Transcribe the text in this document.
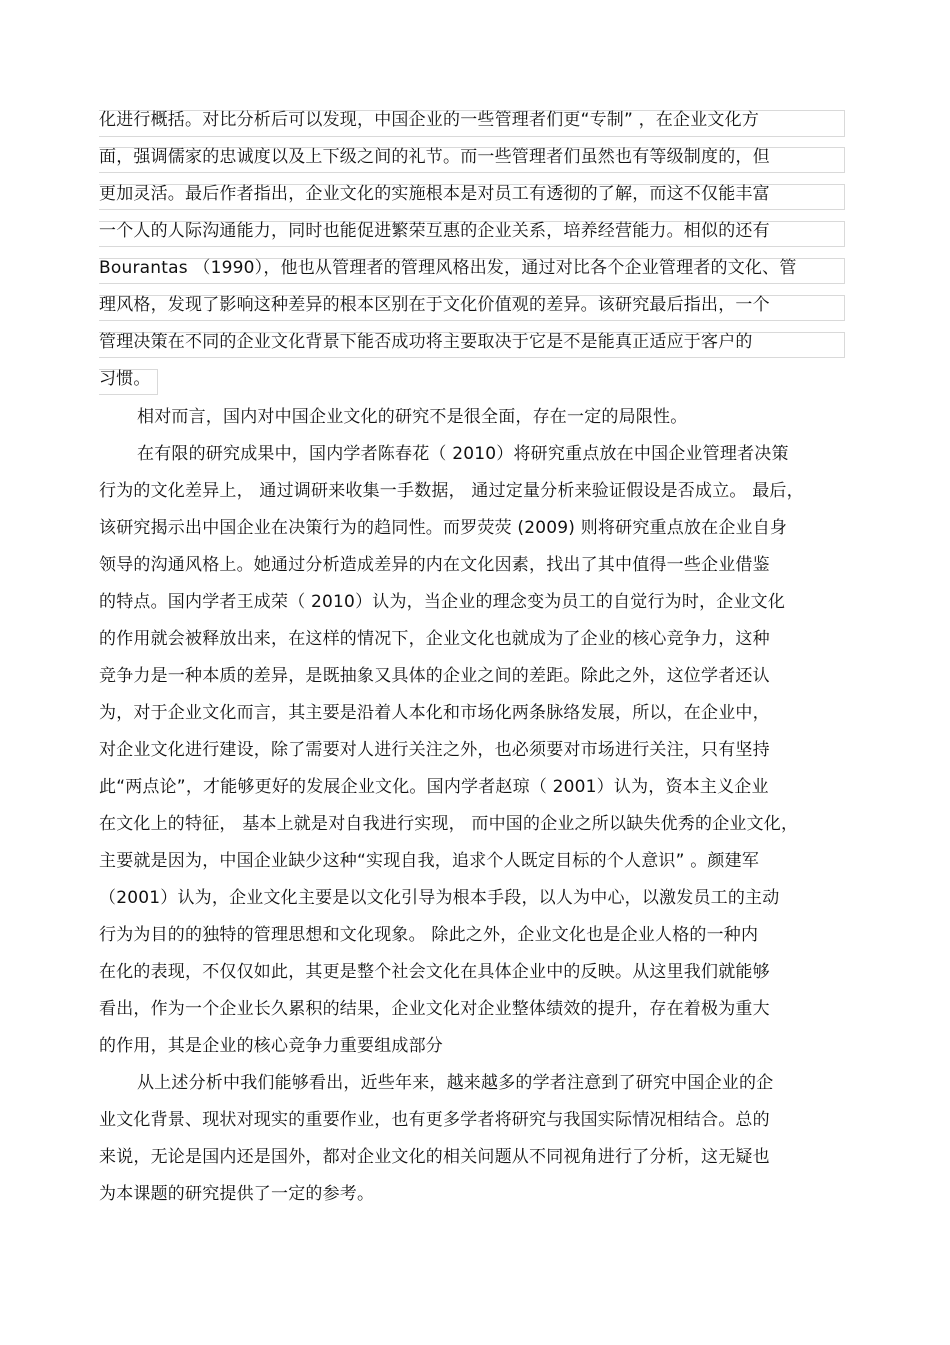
化进行概括。对比分析后可以发现，中国企业的一些管理者们更“专制” ，在企业文化方
面，强调儒家的忠诚度以及上下级之间的礼节。而一些管理者们虽然也有等级制度的，但
更加灵活。最后作者指出，企业文化的实施根本是对员工有透彻的了解，而这不仅能丰富
一个人的人际沟通能力，同时也能促进繁荣互惠的企业关系，培养经营能力。相似的还有
Bourantas （1990），他也从管理者的管理风格出发，通过对比各个企业管理者的文化、管
理风格，发现了影响这种差异的根本区别在于文化价值观的差异。该研究最后指出，一个
管理决策在不同的企业文化背景下能否成功将主要取决于它是不是能真正适应于客户的
习惯。
相对而言，国内对中国企业文化的研究不是很全面，存在一定的局限性。
在有限的研究成果中，国内学者陈春花（ 2010）将研究重点放在中国企业管理者决策
行为的文化差异上， 通过调研来收集一手数据， 通过定量分析来验证假设是否成立。 最后，
该研究揭示出中国企业在决策行为的趋同性。而罗荧荧 (2009) 则将研究重点放在企业自身
领导的沟通风格上。她通过分析造成差异的内在文化因素，找出了其中值得一些企业借鉴
的特点。国内学者王成荣（ 2010）认为，当企业的理念变为员工的自觉行为时，企业文化
的作用就会被释放出来，在这样的情况下，企业文化也就成为了企业的核心竞争力，这种
竞争力是一种本质的差异，是既抽象又具体的企业之间的差距。除此之外，这位学者还认
为，对于企业文化而言，其主要是沿着人本化和市场化两条脉络发展，所以，在企业中，
对企业文化进行建设，除了需要对人进行关注之外，也必须要对市场进行关注，只有坚持
此“两点论”，才能够更好的发展企业文化。国内学者赵琼（ 2001）认为，资本主义企业
在文化上的特征， 基本上就是对自我进行实现， 而中国的企业之所以缺失优秀的企业文化，
主要就是因为，中国企业缺少这种“实现自我，追求个人既定目标的个人意识” 。颜建军
（2001）认为，企业文化主要是以文化引导为根本手段，以人为中心，以激发员工的主动
行为为目的的独特的管理思想和文化现象。 除此之外，企业文化也是企业人格的一种内
在化的表现，不仅仅如此，其更是整个社会文化在具体企业中的反映。从这里我们就能够
看出，作为一个企业长久累积的结果，企业文化对企业整体绩效的提升，存在着极为重大
的作用，其是企业的核心竞争力重要组成部分
从上述分析中我们能够看出，近些年来，越来越多的学者注意到了研究中国企业的企
业文化背景、现状对现实的重要作业，也有更多学者将研究与我国实际情况相结合。总的
来说，无论是国内还是国外，都对企业文化的相关问题从不同视角进行了分析，这无疑也
为本课题的研究提供了一定的参考。
